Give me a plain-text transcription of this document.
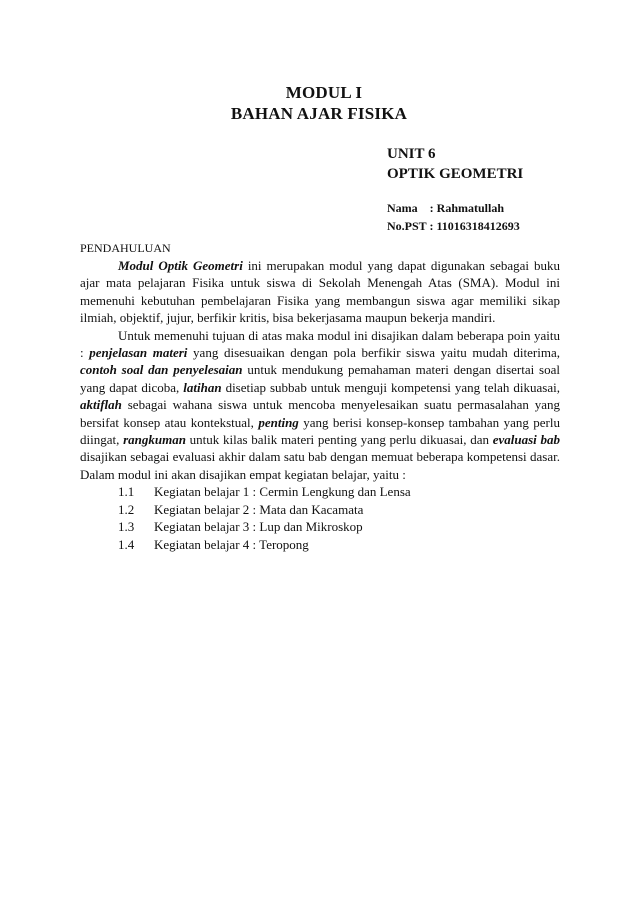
MODUL I
BAHAN AJAR FISIKA
UNIT 6
OPTIK GEOMETRI
Nama    : Rahmatullah
No.PST : 11016318412693
PENDAHULUAN

Modul Optik Geometri ini merupakan modul yang dapat digunakan sebagai buku ajar mata pelajaran Fisika untuk siswa di Sekolah Menengah Atas (SMA). Modul ini memenuhi kebutuhan pembelajaran Fisika yang membangun siswa agar memiliki sikap ilmiah, objektif, jujur, berfikir kritis, bisa bekerjasama maupun bekerja mandiri.

Untuk memenuhi tujuan di atas maka modul ini disajikan dalam beberapa poin yaitu : penjelasan materi yang disesuaikan dengan pola berfikir siswa yaitu mudah diterima, contoh soal dan penyelesaian untuk mendukung pemahaman materi dengan disertai soal yang dapat dicoba, latihan disetiap subbab untuk menguji kompetensi yang telah dikuasai, aktiflah sebagai wahana siswa untuk mencoba menyelesaikan suatu permasalahan yang bersifat konsep atau kontekstual, penting yang berisi konsep-konsep tambahan yang perlu diingat, rangkuman untuk kilas balik materi penting yang perlu dikuasai, dan evaluasi bab disajikan sebagai evaluasi akhir dalam satu bab dengan memuat beberapa kompetensi dasar. Dalam modul ini akan disajikan empat kegiatan belajar, yaitu :

1.1	Kegiatan belajar 1 : Cermin Lengkung dan Lensa
1.2	Kegiatan belajar 2 : Mata dan Kacamata
1.3	Kegiatan belajar 3 : Lup dan Mikroskop
1.4	Kegiatan belajar 4 : Teropong
